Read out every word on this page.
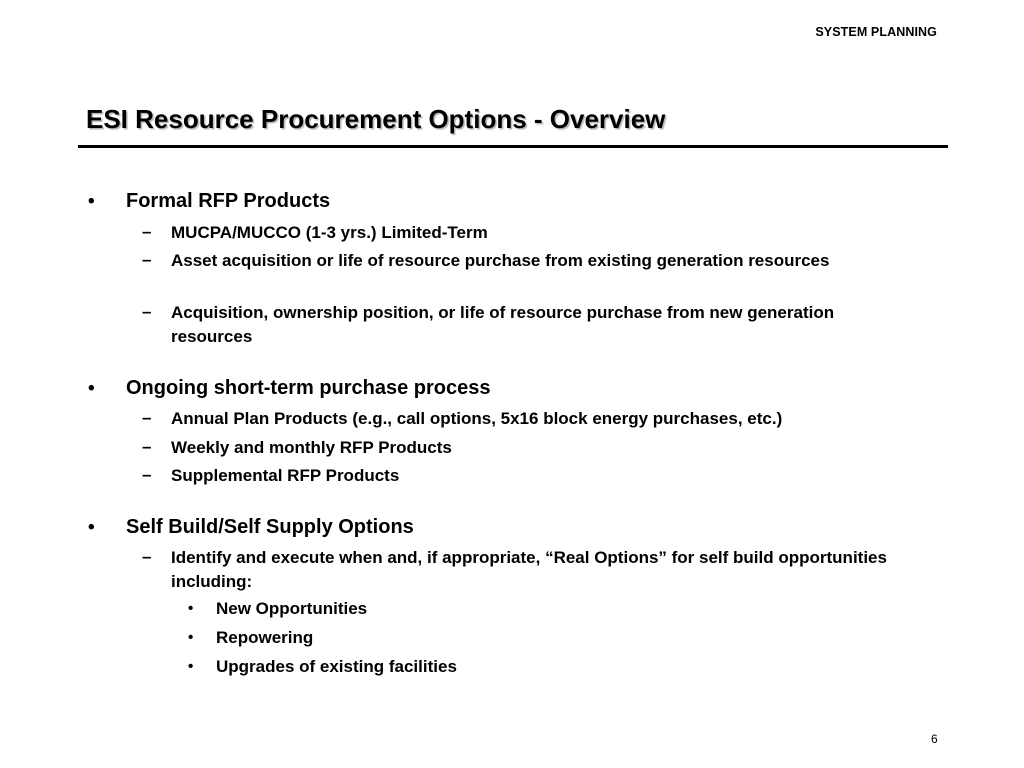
SYSTEM PLANNING
ESI Resource Procurement Options - Overview
• Formal RFP Products
– MUCPA/MUCCO (1-3 yrs.) Limited-Term
– Asset acquisition or life of resource purchase from existing generation resources
– Acquisition, ownership position, or life of resource purchase from new generation resources
• Ongoing short-term purchase process
– Annual Plan Products (e.g., call options, 5x16 block energy purchases, etc.)
– Weekly and monthly RFP Products
– Supplemental RFP Products
• Self Build/Self Supply Options
– Identify and execute when and, if appropriate, “Real Options” for self build opportunities including:
• New Opportunities
• Repowering
• Upgrades of existing facilities
6
